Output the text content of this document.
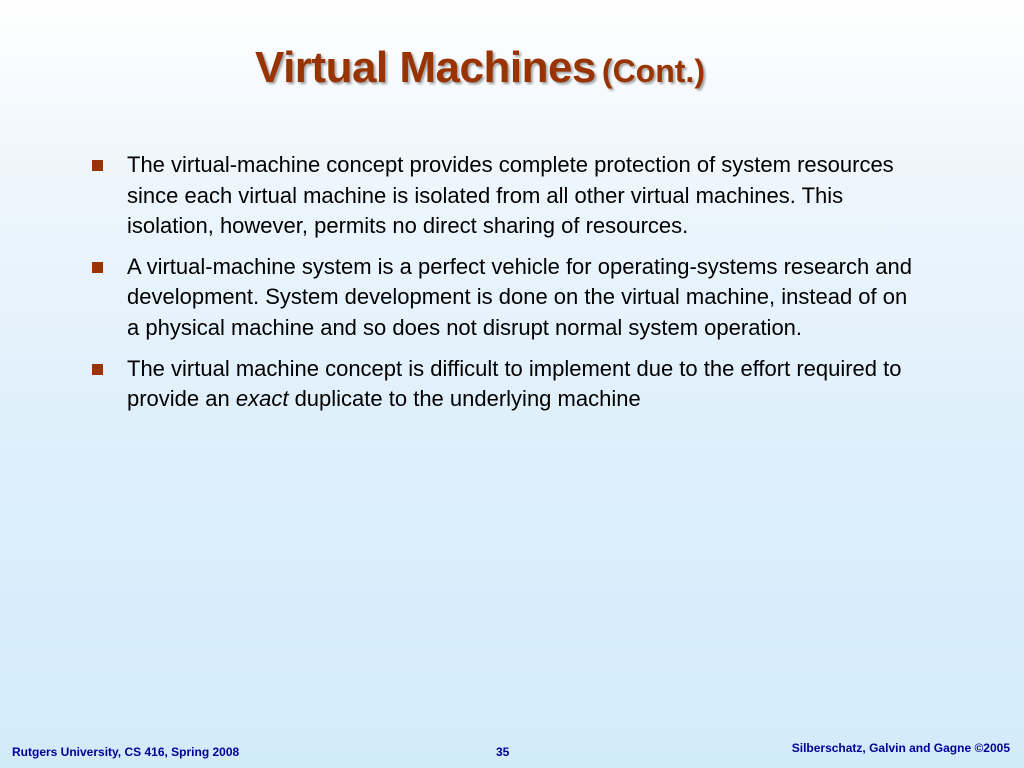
Virtual Machines (Cont.)
The virtual-machine concept provides complete protection of system resources since each virtual machine is isolated from all other virtual machines. This isolation, however, permits no direct sharing of resources.
A virtual-machine system is a perfect vehicle for operating-systems research and development. System development is done on the virtual machine, instead of on a physical machine and so does not disrupt normal system operation.
The virtual machine concept is difficult to implement due to the effort required to provide an exact duplicate to the underlying machine
Rutgers University, CS 416, Spring 2008	35	Silberschatz, Galvin and Gagne ©2005
